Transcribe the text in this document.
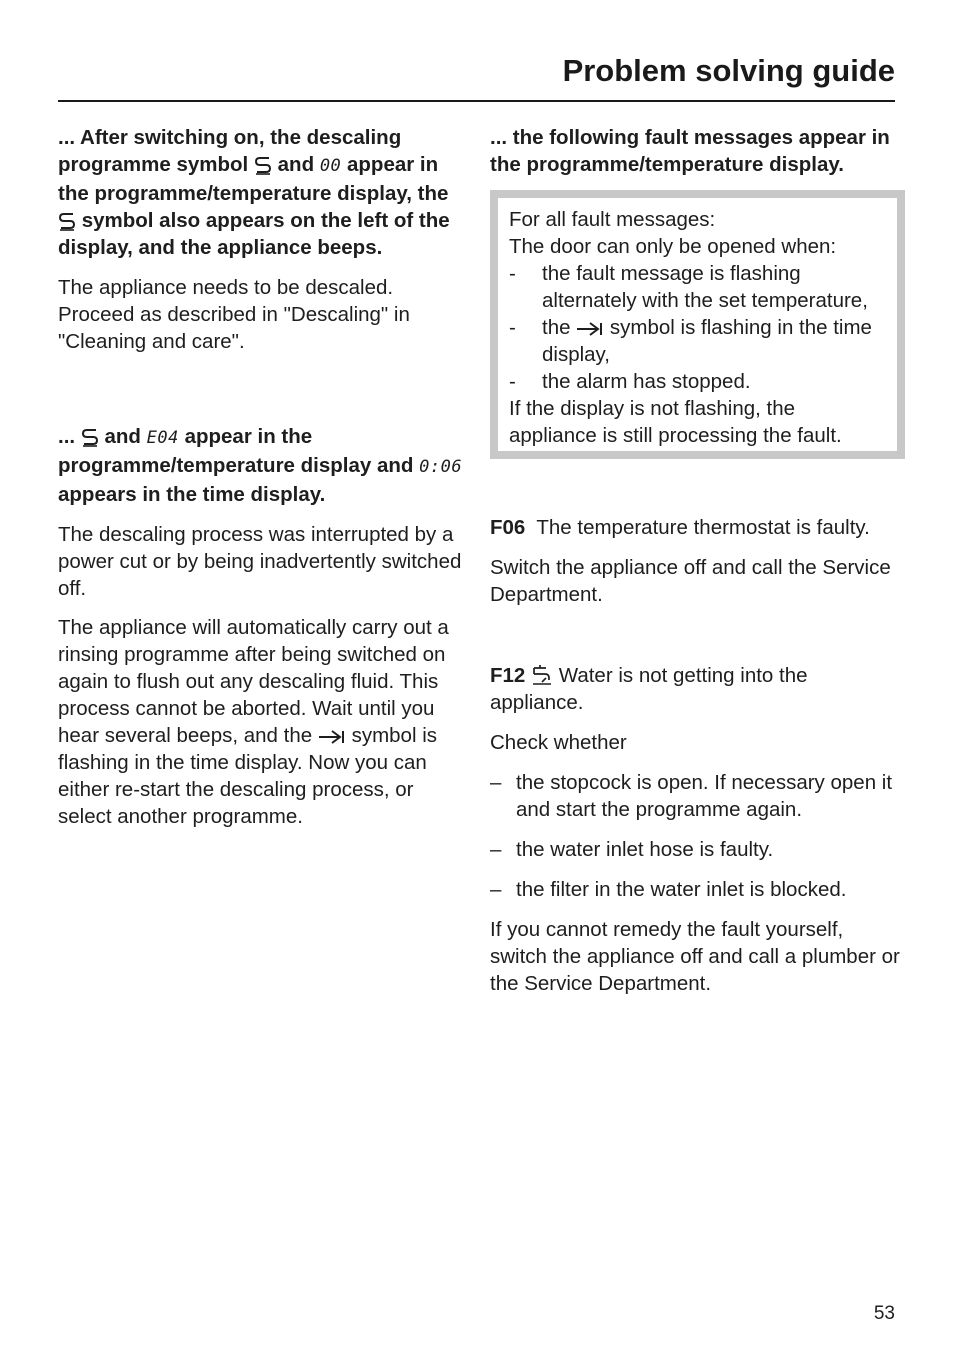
Problem solving guide

... After switching on, the descaling programme symbol and 00 appear in the programme/temperature display, the  symbol also appears on the left of the display, and the appliance beeps.

The appliance needs to be descaled. Proceed as described in "Descaling" in "Cleaning and care".

... and E04 appear in the programme/temperature display and 0:06 appears in the time display.

The descaling process was interrupted by a power cut or by being inadvertently switched off.

The appliance will automatically carry out a rinsing programme after being switched on again to flush out any descaling fluid. This process cannot be aborted. Wait until you hear several beeps, and the symbol is flashing in the time display. Now you can either re-start the descaling process, or select another programme.

... the following fault messages appear in the programme/temperature display.

For all fault messages:

The door can only be opened when:

- the fault message is flashing alternately with the set temperature,
- the symbol is flashing in the time display,
- the alarm has stopped.

If the display is not flashing, the appliance is still processing the fault.

F06 The temperature thermostat is faulty.

Switch the appliance off and call the Service Department.

F12 Water is not getting into the appliance.

Check whether

– the stopcock is open. If necessary open it and start the programme again.
– the water inlet hose is faulty.
– the filter in the water inlet is blocked.

If you cannot remedy the fault yourself, switch the appliance off and call a plumber or the Service Department.

53
